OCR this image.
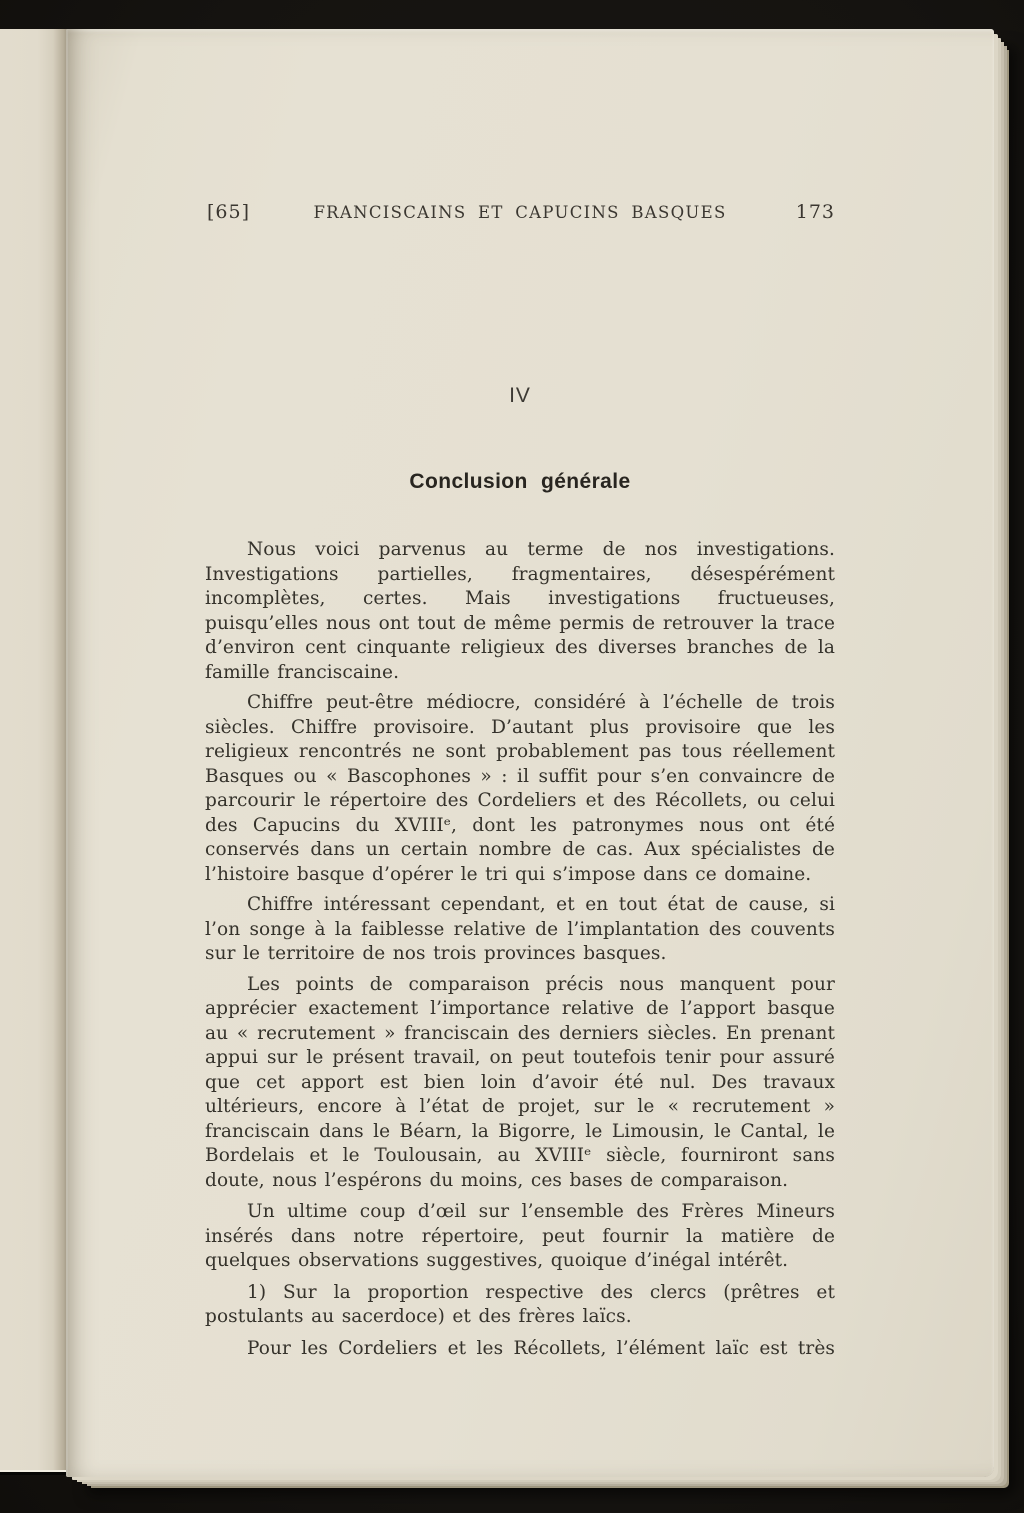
[65]	FRANCISCAINS ET CAPUCINS BASQUES	173
IV
Conclusion générale

Nous voici parvenus au terme de nos investigations. Investigations partielles, fragmentaires, désespérément incomplètes, certes. Mais investigations fructueuses, puisqu’elles nous ont tout de même permis de retrouver la trace d’environ cent cinquante religieux des diverses branches de la famille franciscaine.

Chiffre peut-être médiocre, considéré à l’échelle de trois siècles. Chiffre provisoire. D’autant plus provisoire que les religieux rencontrés ne sont probablement pas tous réellement Basques ou « Bascophones » : il suffit pour s’en convaincre de parcourir le répertoire des Cordeliers et des Récollets, ou celui des Capucins du XVIIIᵉ, dont les patronymes nous ont été conservés dans un certain nombre de cas. Aux spécialistes de l’histoire basque d’opérer le tri qui s’impose dans ce domaine.

Chiffre intéressant cependant, et en tout état de cause, si l’on songe à la faiblesse relative de l’implantation des couvents sur le territoire de nos trois provinces basques.

Les points de comparaison précis nous manquent pour apprécier exactement l’importance relative de l’apport basque au « recrutement » franciscain des derniers siècles. En prenant appui sur le présent travail, on peut toutefois tenir pour assuré que cet apport est bien loin d’avoir été nul. Des travaux ultérieurs, encore à l’état de projet, sur le « recrutement » franciscain dans le Béarn, la Bigorre, le Limousin, le Cantal, le Bordelais et le Toulousain, au XVIIIᵉ siècle, fourniront sans doute, nous l’espérons du moins, ces bases de comparaison.

Un ultime coup d’œil sur l’ensemble des Frères Mineurs insérés dans notre répertoire, peut fournir la matière de quelques observations suggestives, quoique d’inégal intérêt.

1) Sur la proportion respective des clercs (prêtres et postulants au sacerdoce) et des frères laïcs.

Pour les Cordeliers et les Récollets, l’élément laïc est très
